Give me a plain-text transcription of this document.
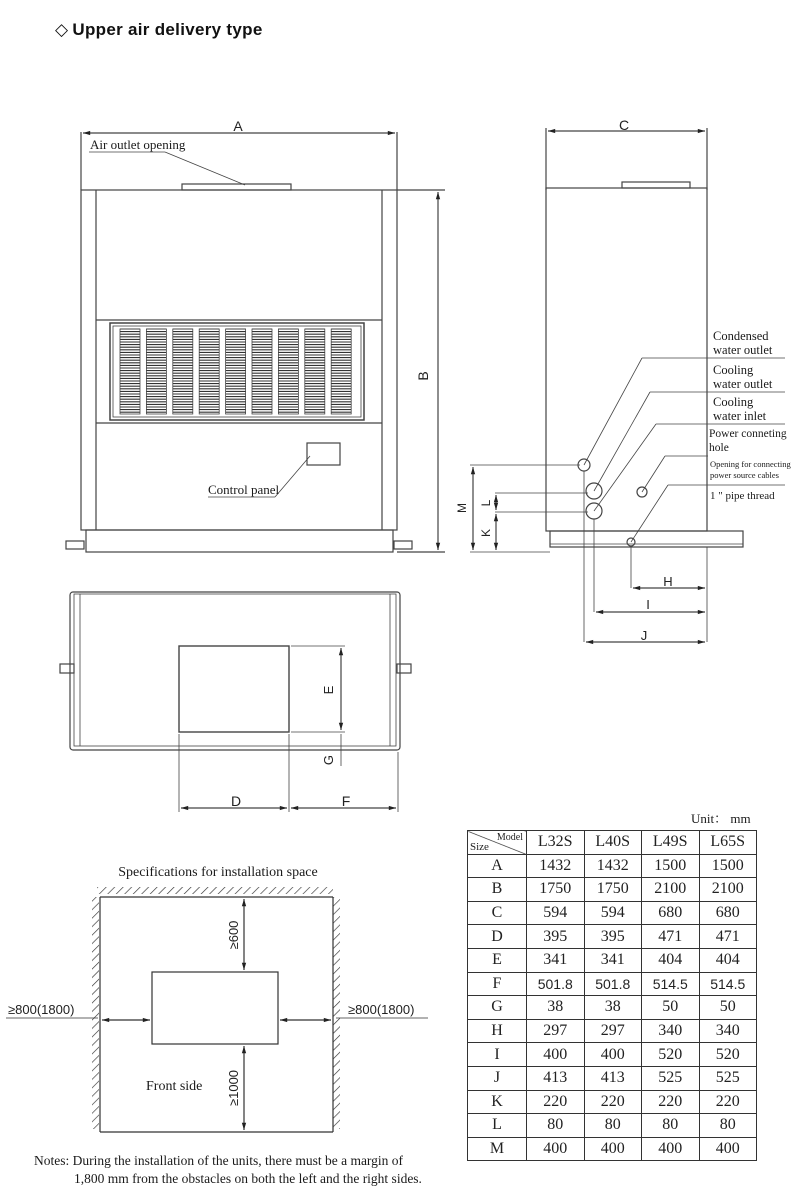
◇ Upper air delivery type
A
B
Air outlet opening
Control panel
C
M L
K
H
I
J
Condensed
water outlet
Cooling
water outlet
Cooling
water inlet
Power conneting
hole
Opening for connecting
power source cables
1 " pipe thread
E
G
D	F
Specifications for installation space
≥600
≥1000
≥800(1800)	≥800(1800)
Front side
Unit： mm
Model
Size	L32S	L40S	L49S	L65S
A	1432	1432	1500	1500
B	1750	1750	2100	2100
C	594	594	680	680
D	395	395	471	471
E	341	341	404	404
F	501.8	501.8	514.5	514.5
G	38	38	50	50
H	297	297	340	340
I	400	400	520	520
J	413	413	525	525
K	220	220	220	220
L	80	80	80	80
M	400	400	400	400
Notes: During the installation of the units, there must be a margin of
1,800 mm from the obstacles on both the left and the right sides.
